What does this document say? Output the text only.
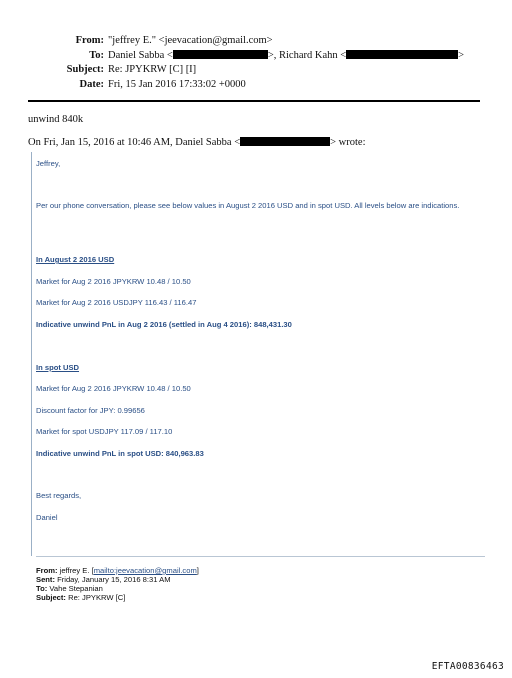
From: "jeffrey E." <jeevacation@gmail.com>
To: Daniel Sabba <	>, Richard Kahn <	>
Subject: Re: JPYKRW [C] [I]
Date: Fri, 15 Jan 2016 17:33:02 +0000
unwind 840k
On Fri, Jan 15, 2016 at 10:46 AM, Daniel Sabba <	> wrote:
Jeffrey,
Per our phone conversation, please see below values in August 2 2016 USD and in spot USD. All levels below are indications.
In August 2 2016 USD
Market for Aug 2 2016 JPYKRW 10.48 / 10.50
Market for Aug 2 2016 USDJPY 116.43 / 116.47
Indicative unwind PnL in Aug 2 2016 (settled in Aug 4 2016): 848,431.30
In spot USD
Market for Aug 2 2016 JPYKRW 10.48 / 10.50
Discount factor for JPY: 0.99656
Market for spot USDJPY 117.09 / 117.10
Indicative unwind PnL in spot USD: 840,963.83
Best regards,
Daniel
From: jeffrey E. [mailto:jeevacation@gmail.com]
Sent: Friday, January 15, 2016 8:31 AM
To: Vahe Stepanian
Subject: Re: JPYKRW [C]
EFTA00836463
